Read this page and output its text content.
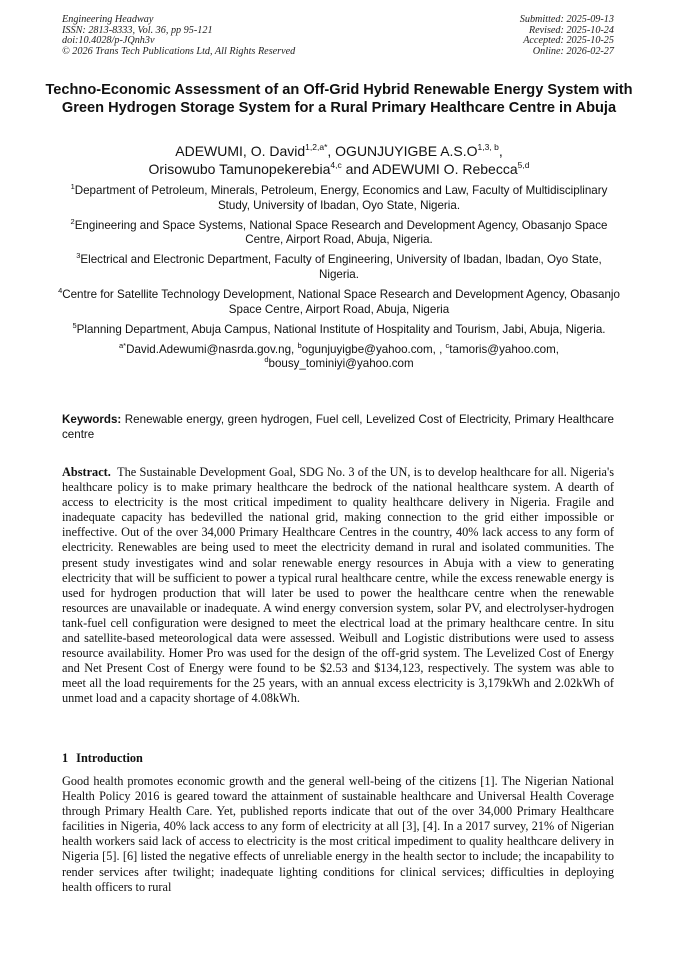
Engineering Headway
ISSN: 2813-8333, Vol. 36, pp 95-121
doi:10.4028/p-JQnh3v
© 2026 Trans Tech Publications Ltd, All Rights Reserved
Submitted: 2025-09-13
Revised: 2025-10-24
Accepted: 2025-10-25
Online: 2026-02-27
Techno-Economic Assessment of an Off-Grid Hybrid Renewable Energy System with Green Hydrogen Storage System for a Rural Primary Healthcare Centre in Abuja
ADEWUMI, O. David$^{1,2,a*}$, OGUNJUYIGBE $A.S.O^{1,3, b}$,
Orisowubo Tamunopekerebia$^{4,c}$ and ADEWUMI O. Rebecca$^{5,d}$
$^1$Department of Petroleum, Minerals, Petroleum, Energy, Economics and Law, Faculty of Multidisciplinary Study, University of Ibadan, Oyo State, Nigeria.
$^2$Engineering and Space Systems, National Space Research and Development Agency, Obasanjo Space Centre, Airport Road, Abuja, Nigeria.
$^3$Electrical and Electronic Department, Faculty of Engineering, University of Ibadan, Ibadan, Oyo State, Nigeria.
$^4$Centre for Satellite Technology Development, National Space Research and Development Agency, Obasanjo Space Centre, Airport Road, Abuja, Nigeria
$^5$Planning Department, Abuja Campus, National Institute of Hospitality and Tourism, Jabi, Abuja, Nigeria.
$^{a*}$David.Adewumi@nasrda.gov.ng, $^b$ogunjuyigbe@yahoo.com, , $^c$tamoris@yahoo.com,
$^d$bousy_tominiyi@yahoo.com
Keywords: Renewable energy, green hydrogen, Fuel cell, Levelized Cost of Electricity, Primary Healthcare centre

Abstract. The Sustainable Development Goal, SDG No. 3 of the UN, is to develop healthcare for all. Nigeria's healthcare policy is to make primary healthcare the bedrock of the national healthcare system. A dearth of access to electricity is the most critical impediment to quality healthcare delivery in Nigeria. Fragile and inadequate capacity has bedevilled the national grid, making connection to the grid either impossible or ineffective. Out of the over 34,000 Primary Healthcare Centres in the country, 40% lack access to any form of electricity. Renewables are being used to meet the electricity demand in rural and isolated communities. The present study investigates wind and solar renewable energy resources in Abuja with a view to generating electricity that will be sufficient to power a typical rural healthcare centre, while the excess renewable energy is used for hydrogen production that will later be used to power the healthcare centre when the renewable resources are unavailable or inadequate. A wind energy conversion system, solar PV, and electrolyser-hydrogen tank-fuel cell configuration were designed to meet the electrical load at the primary healthcare centre. In situ and satellite-based meteorological data were assessed. Weibull and Logistic distributions were used to assess resource availability. Homer Pro was used for the design of the off-grid system. The Levelized Cost of Energy and Net Present Cost of Energy were found to be $2.53 and $134,123, respectively. The system was able to meet all the load requirements for the 25 years, with an annual excess electricity is 3,179kWh and 2.02kWh of unmet load and a capacity shortage of 4.08kWh.

1 Introduction

Good health promotes economic growth and the general well-being of the citizens [1]. The Nigerian National Health Policy 2016 is geared toward the attainment of sustainable healthcare and Universal Health Coverage through Primary Health Care. Yet, published reports indicate that out of the over 34,000 Primary Healthcare facilities in Nigeria, 40% lack access to any form of electricity at all [3], [4]. In a 2017 survey, 21% of Nigerian health workers said lack of access to electricity is the most critical impediment to quality healthcare delivery in Nigeria [5]. [6] listed the negative effects of unreliable energy in the health sector to include; the incapability to render services after twilight; inadequate lighting conditions for clinical services; difficulties in deploying health officers to rural
